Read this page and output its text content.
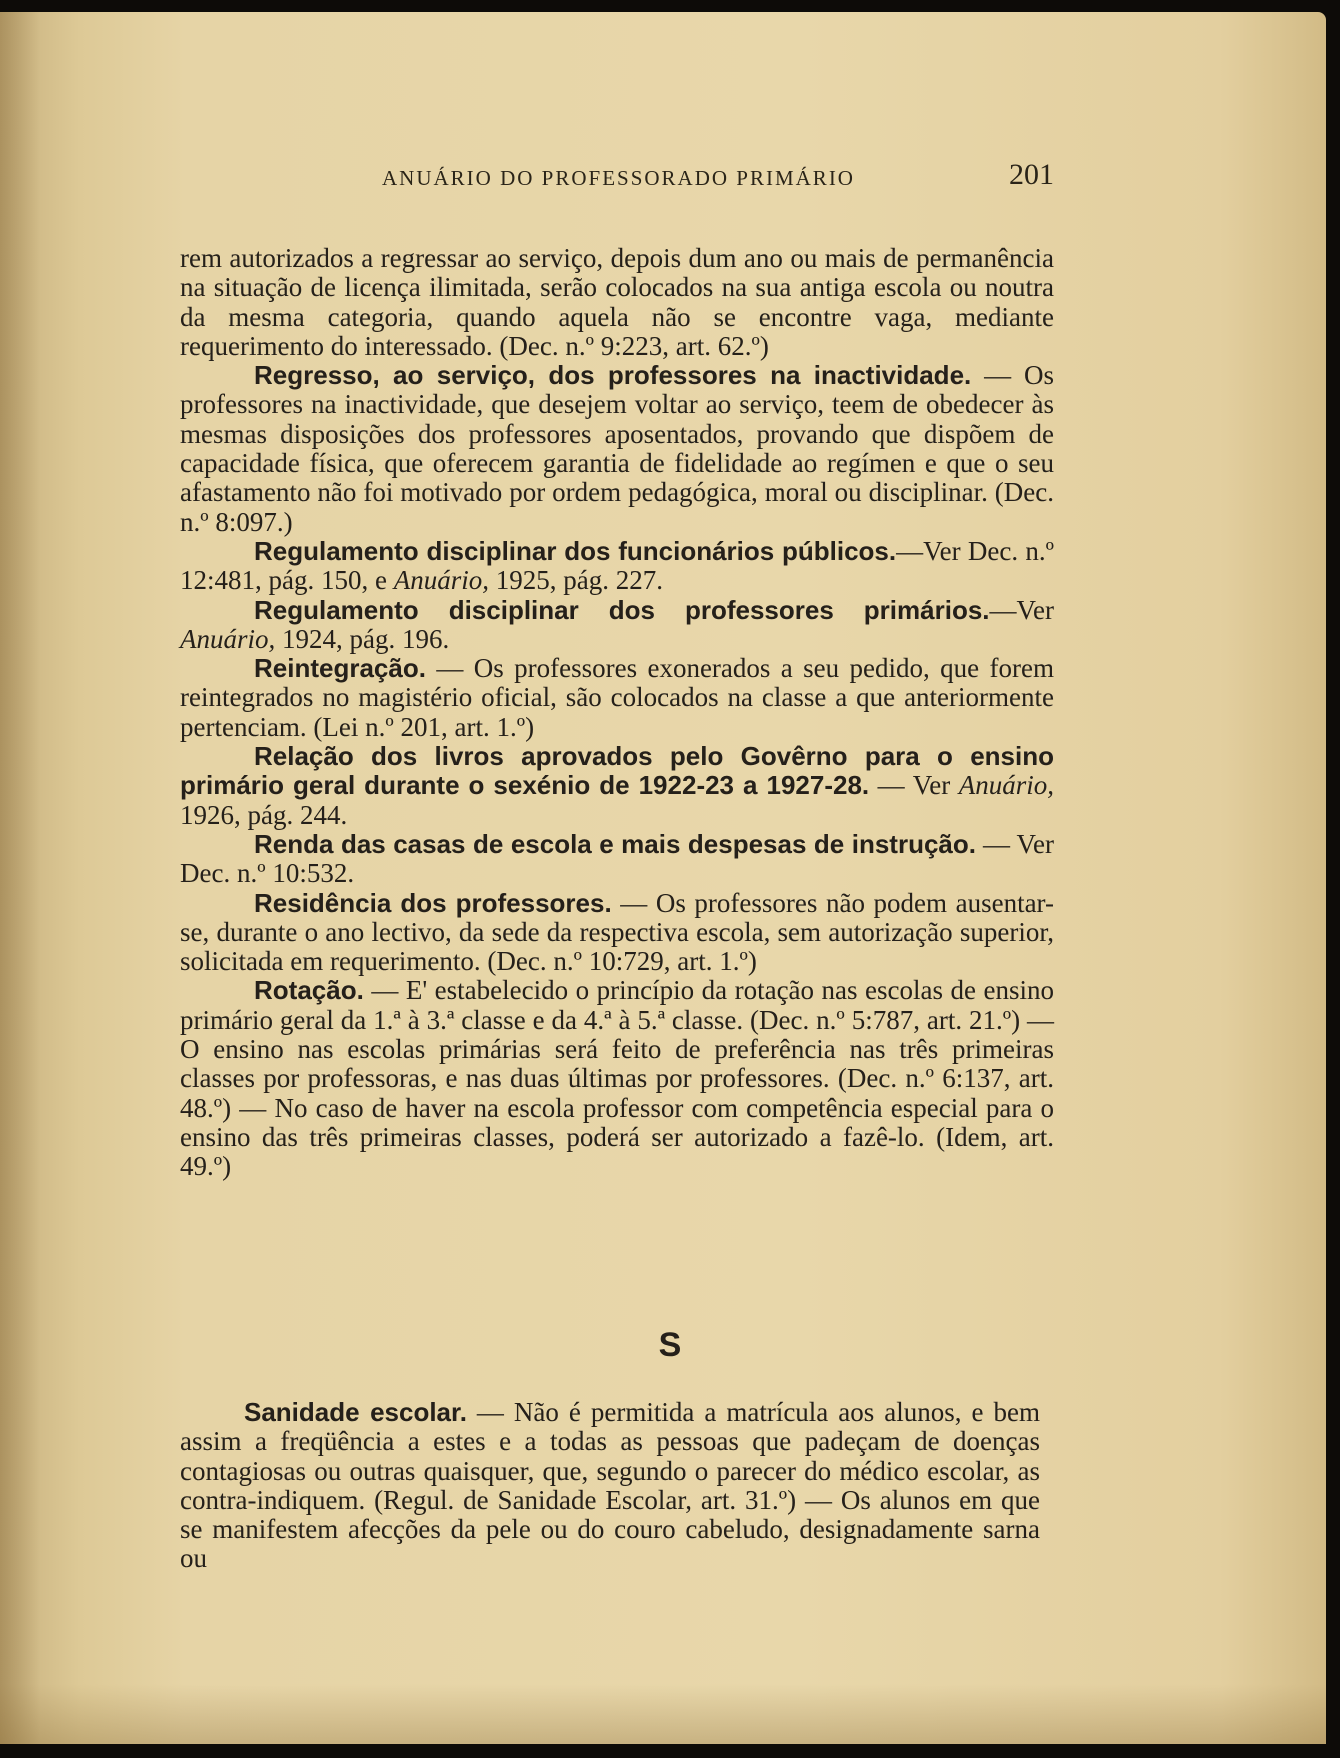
ANUÁRIO DO PROFESSORADO PRIMÁRIO	201

rem autorizados a regressar ao serviço, depois dum ano ou mais de permanência na situação de licença ilimitada, serão colocados na sua antiga escola ou noutra da mesma categoria, quando aquela não se encontre vaga, mediante requerimento do interessado. (Dec. n.º 9:223, art. 62.º)

Regresso, ao serviço, dos professores na inactividade. — Os professores na inactividade, que desejem voltar ao serviço, teem de obedecer às mesmas disposições dos professores aposentados, provando que dispõem de capacidade física, que oferecem garantia de fidelidade ao regímen e que o seu afastamento não foi motivado por ordem pedagógica, moral ou disciplinar. (Dec. n.º 8:097.)

Regulamento disciplinar dos funcionários públicos.—Ver Dec. n.º 12:481, pág. 150, e Anuário, 1925, pág. 227.

Regulamento disciplinar dos professores primários.—Ver Anuário, 1924, pág. 196.

Reintegração. — Os professores exonerados a seu pedido, que forem reintegrados no magistério oficial, são colocados na classe a que anteriormente pertenciam. (Lei n.º 201, art. 1.º)

Relação dos livros aprovados pelo Govêrno para o ensino primário geral durante o sexénio de 1922-23 a 1927-28. — Ver Anuário, 1926, pág. 244.

Renda das casas de escola e mais despesas de instrução. — Ver Dec. n.º 10:532.

Residência dos professores. — Os professores não podem ausentar-se, durante o ano lectivo, da sede da respectiva escola, sem autorização superior, solicitada em requerimento. (Dec. n.º 10:729, art. 1.º)

Rotação. — E' estabelecido o princípio da rotação nas escolas de ensino primário geral da 1.ª à 3.ª classe e da 4.ª à 5.ª classe. (Dec. n.º 5:787, art. 21.º) — O ensino nas escolas primárias será feito de preferência nas três primeiras classes por professoras, e nas duas últimas por professores. (Dec. n.º 6:137, art. 48.º) — No caso de haver na escola professor com competência especial para o ensino das três primeiras classes, poderá ser autorizado a fazê-lo. (Idem, art. 49.º)

S

Sanidade escolar. — Não é permitida a matrícula aos alunos, e bem assim a freqüência a estes e a todas as pessoas que padeçam de doenças contagiosas ou outras quaisquer, que, segundo o parecer do médico escolar, as contra-indiquem. (Regul. de Sanidade Escolar, art. 31.º) — Os alunos em que se manifestem afecções da pele ou do couro cabeludo, designadamente sarna ou
